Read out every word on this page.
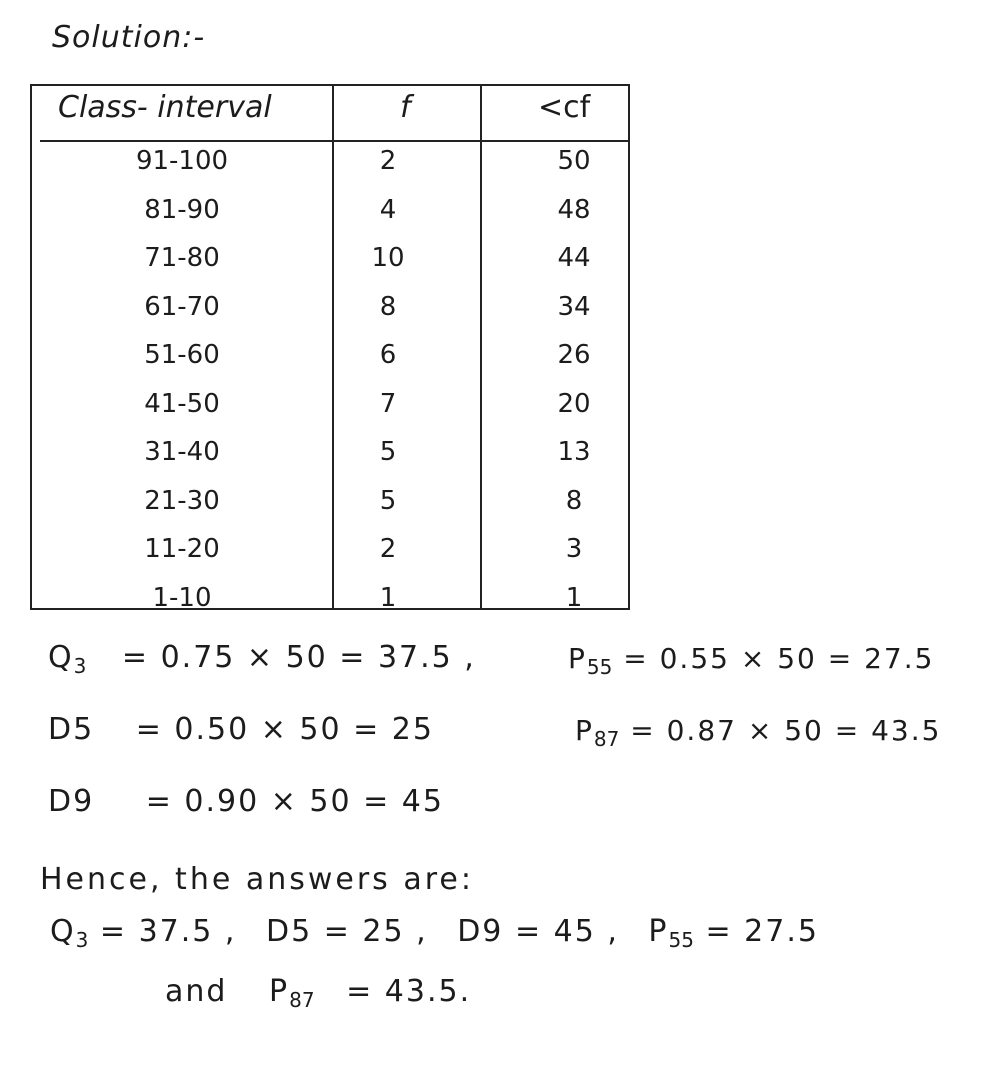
Solution:-
Class- interval	f	<cf
91-100	2	50
81-90	4	48
71-80	10	44
61-70	8	34
51-60	6	26
41-50	7	20
31-40	5	13
21-30	5	8
11-20	2	3
1-10	1	1
$Q_3 = 0.75 \times 50 = 37.5$ ,	$P_{55} = 0.55 \times 50 = 27.5$
D5 = 0.50 × 50 = 25	$P_{87} = 0.87 \times 50 = 43.5$
D9 = 0.90 × 50 = 45
Hence, the answers are:
$Q_3 = 37.5$ , D5 = 25 , D9 = 45 , $P_{55} = 27.5$
and $P_{87} = 43.5$.
